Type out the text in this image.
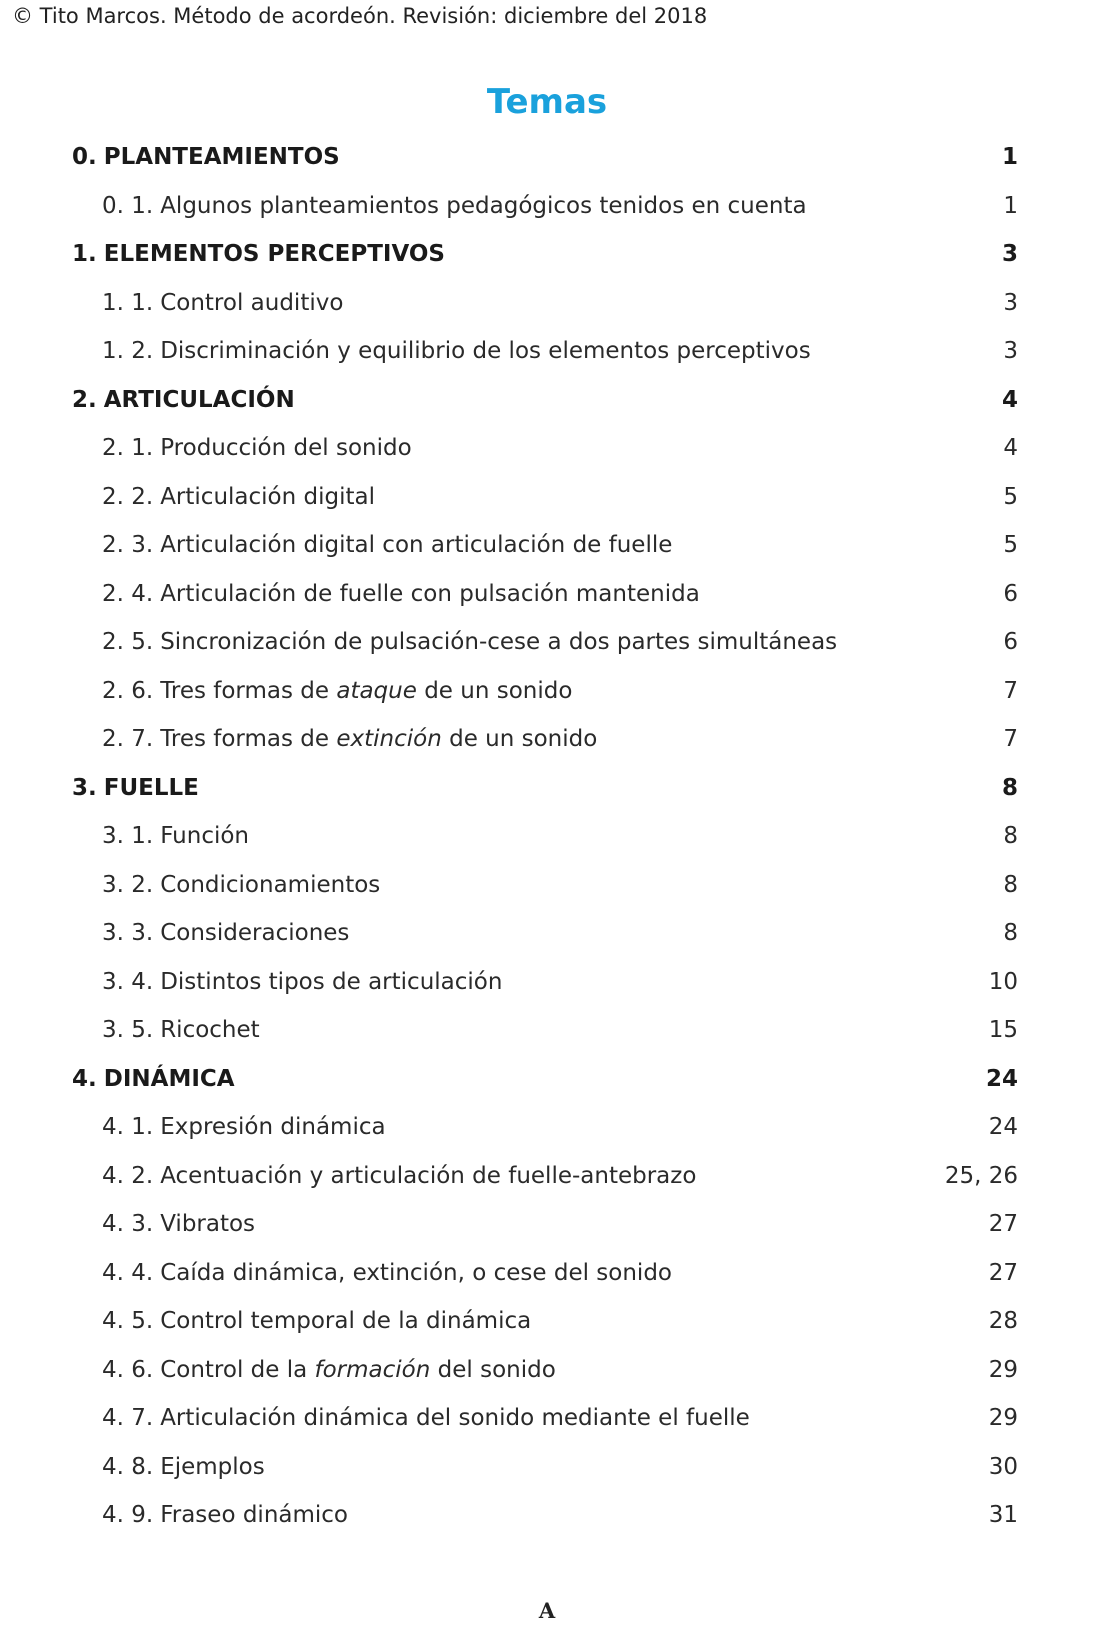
© Tito Marcos. Método de acordeón. Revisión: diciembre del 2018
Temas
0. PLANTEAMIENTOS	1
0. 1. Algunos planteamientos pedagógicos tenidos en cuenta	1
1. ELEMENTOS PERCEPTIVOS	3
1. 1. Control auditivo	3
1. 2. Discriminación y equilibrio de los elementos perceptivos	3
2. ARTICULACIÓN	4
2. 1. Producción del sonido	4
2. 2. Articulación digital	5
2. 3. Articulación digital con articulación de fuelle	5
2. 4. Articulación de fuelle con pulsación mantenida	6
2. 5. Sincronización de pulsación-cese a dos partes simultáneas	6
2. 6. Tres formas de ataque de un sonido	7
2. 7. Tres formas de extinción de un sonido	7
3. FUELLE	8
3. 1. Función	8
3. 2. Condicionamientos	8
3. 3. Consideraciones	8
3. 4. Distintos tipos de articulación	10
3. 5. Ricochet	15
4. DINÁMICA	24
4. 1. Expresión dinámica	24
4. 2. Acentuación y articulación de fuelle-antebrazo	25, 26
4. 3. Vibratos	27
4. 4. Caída dinámica, extinción, o cese del sonido	27
4. 5. Control temporal de la dinámica	28
4. 6. Control de la formación del sonido	29
4. 7. Articulación dinámica del sonido mediante el fuelle	29
4. 8. Ejemplos	30
4. 9. Fraseo dinámico	31
A
